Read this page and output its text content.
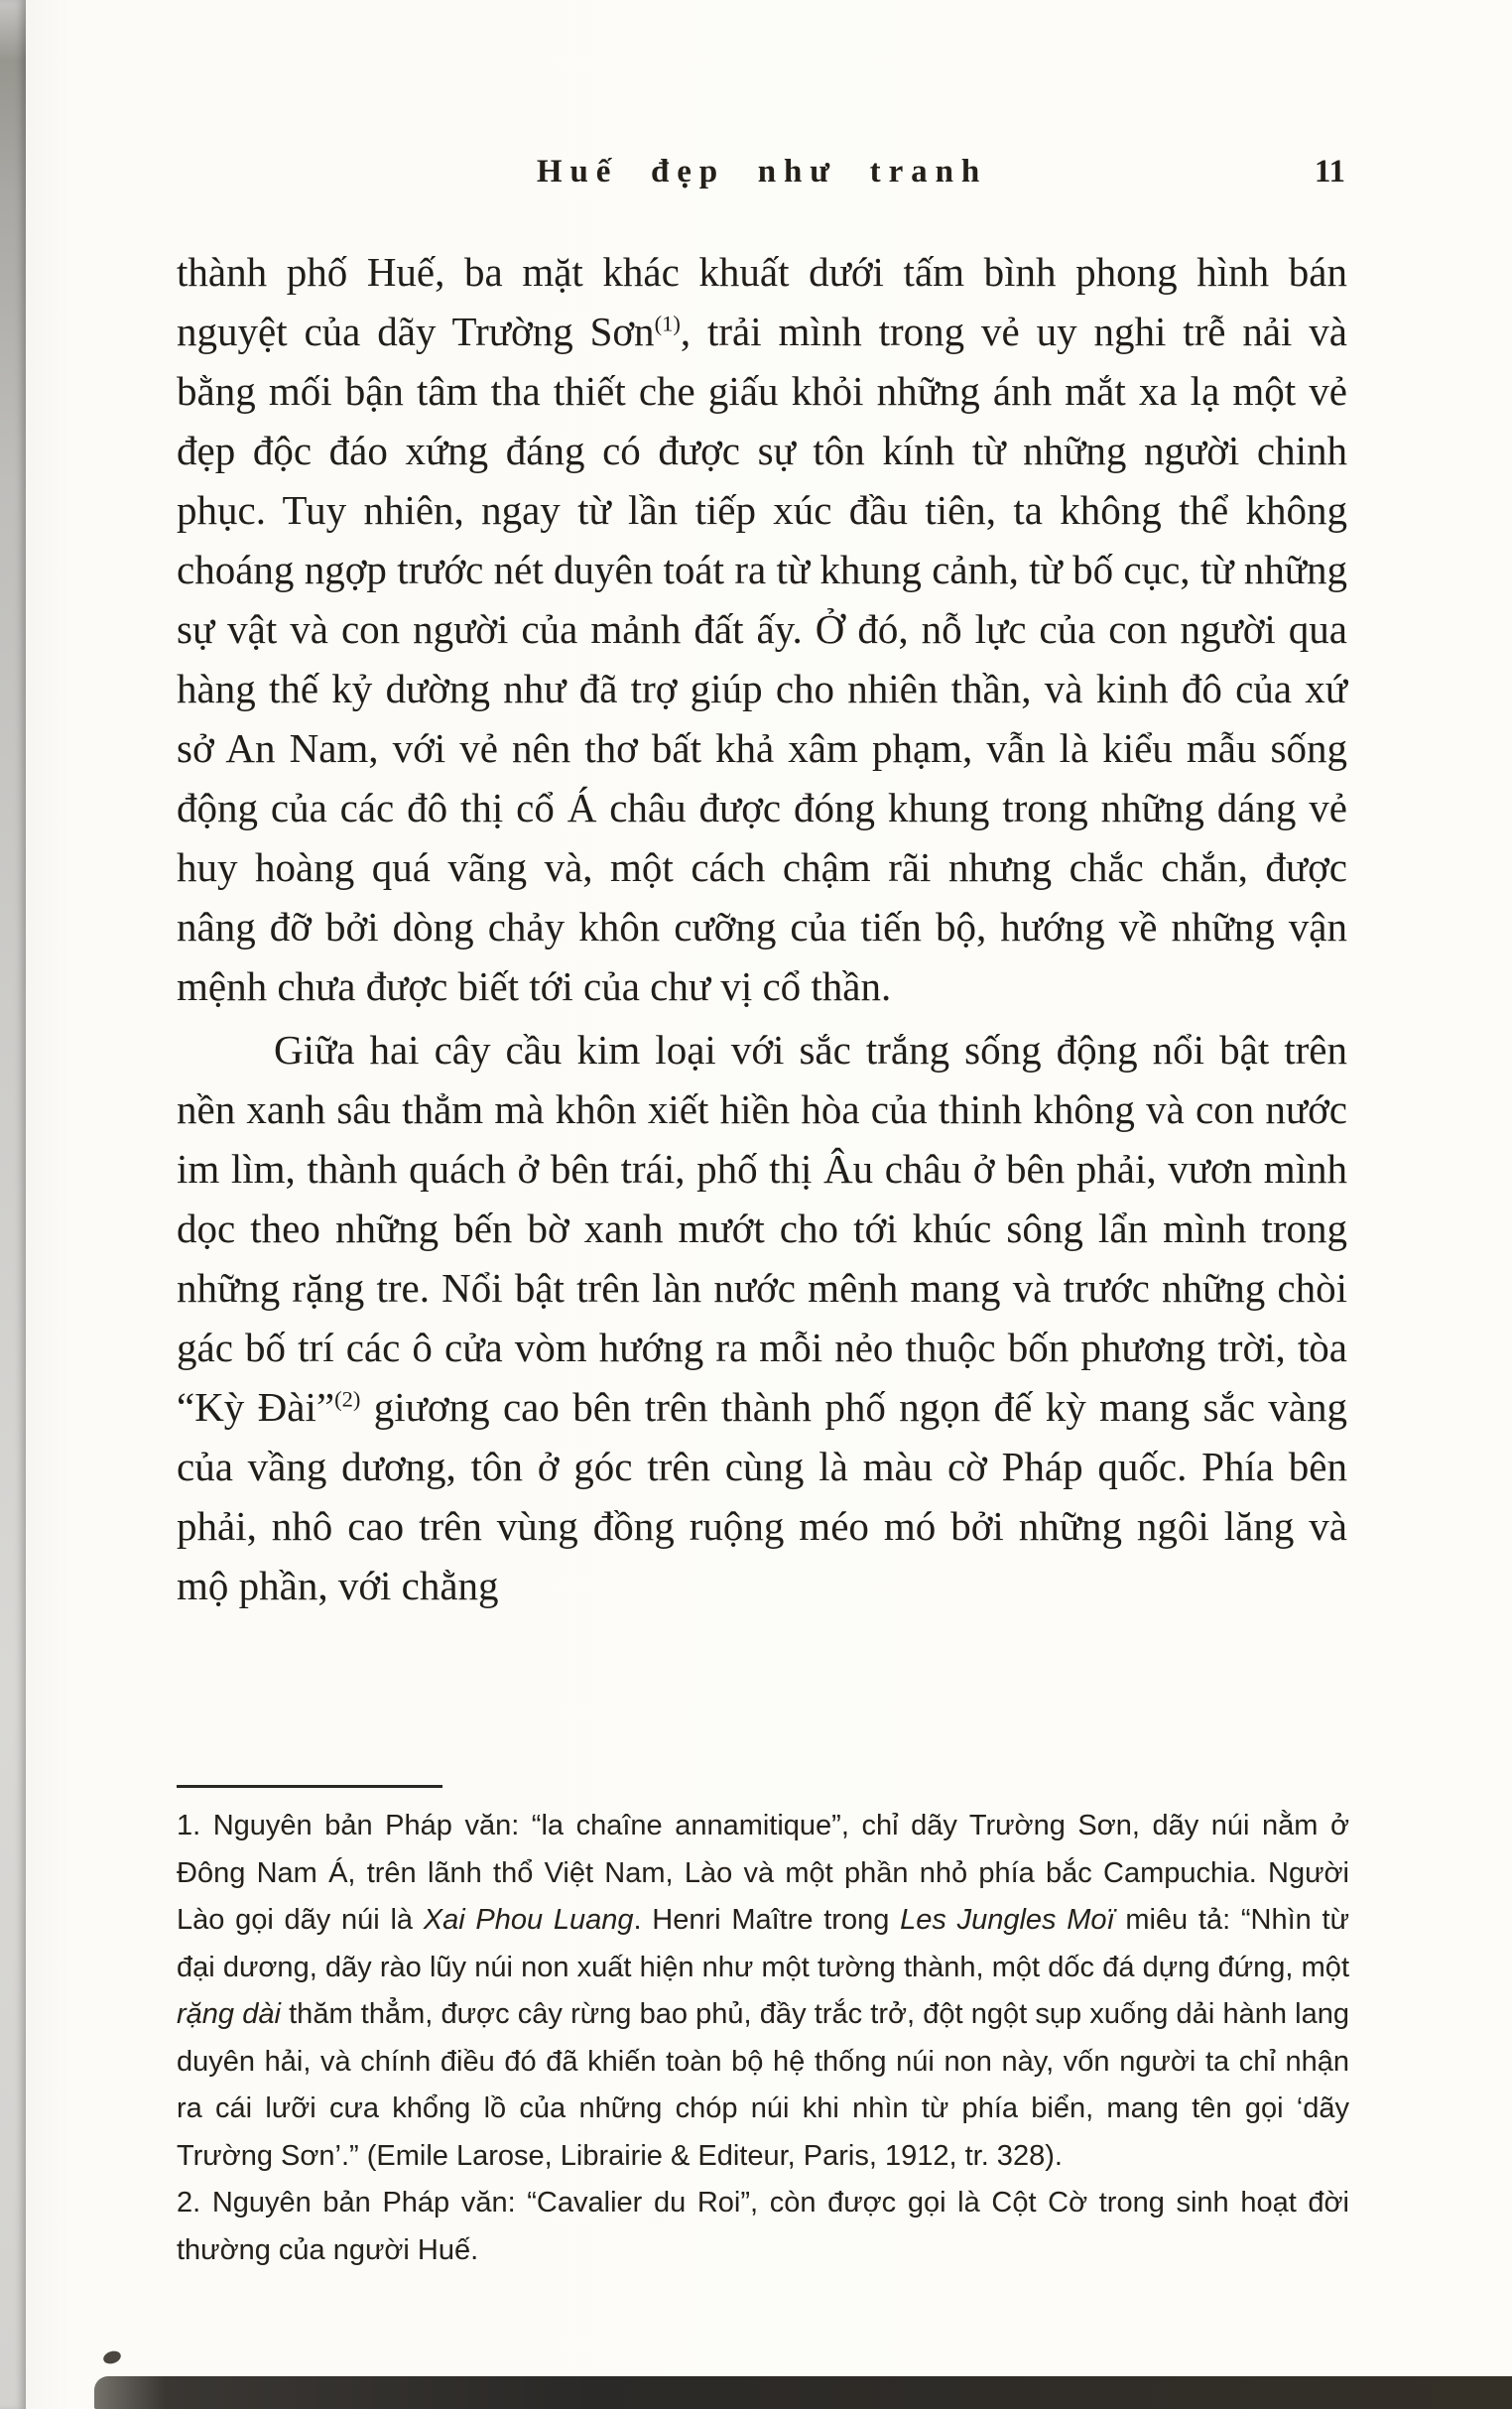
Huế đẹp như tranh	11

thành phố Huế, ba mặt khác khuất dưới tấm bình phong hình bán nguyệt của dãy Trường Sơn$^{(1)}$, trải mình trong vẻ uy nghi trễ nải và bằng mối bận tâm tha thiết che giấu khỏi những ánh mắt xa lạ một vẻ đẹp độc đáo xứng đáng có được sự tôn kính từ những người chinh phục. Tuy nhiên, ngay từ lần tiếp xúc đầu tiên, ta không thể không choáng ngợp trước nét duyên toát ra từ khung cảnh, từ bố cục, từ những sự vật và con người của mảnh đất ấy. Ở đó, nỗ lực của con người qua hàng thế kỷ dường như đã trợ giúp cho nhiên thần, và kinh đô của xứ sở An Nam, với vẻ nên thơ bất khả xâm phạm, vẫn là kiểu mẫu sống động của các đô thị cổ Á châu được đóng khung trong những dáng vẻ huy hoàng quá vãng và, một cách chậm rãi nhưng chắc chắn, được nâng đỡ bởi dòng chảy khôn cưỡng của tiến bộ, hướng về những vận mệnh chưa được biết tới của chư vị cổ thần.

Giữa hai cây cầu kim loại với sắc trắng sống động nổi bật trên nền xanh sâu thẳm mà khôn xiết hiền hòa của thinh không và con nước im lìm, thành quách ở bên trái, phố thị Âu châu ở bên phải, vươn mình dọc theo những bến bờ xanh mướt cho tới khúc sông lẩn mình trong những rặng tre. Nổi bật trên làn nước mênh mang và trước những chòi gác bố trí các ô cửa vòm hướng ra mỗi nẻo thuộc bốn phương trời, tòa “Kỳ Đài”$^{(2)}$ giương cao bên trên thành phố ngọn đế kỳ mang sắc vàng của vầng dương, tôn ở góc trên cùng là màu cờ Pháp quốc. Phía bên phải, nhô cao trên vùng đồng ruộng méo mó bởi những ngôi lăng và mộ phần, với chằng

1. Nguyên bản Pháp văn: “la chaîne annamitique”, chỉ dãy Trường Sơn, dãy núi nằm ở Đông Nam Á, trên lãnh thổ Việt Nam, Lào và một phần nhỏ phía bắc Campuchia. Người Lào gọi dãy núi là Xai Phou Luang. Henri Maître trong Les Jungles Moï miêu tả: “Nhìn từ đại dương, dãy rào lũy núi non xuất hiện như một tường thành, một dốc đá dựng đứng, một rặng dài thăm thẳm, được cây rừng bao phủ, đầy trắc trở, đột ngột sụp xuống dải hành lang duyên hải, và chính điều đó đã khiến toàn bộ hệ thống núi non này, vốn người ta chỉ nhận ra cái lưỡi cưa khổng lồ của những chóp núi khi nhìn từ phía biển, mang tên gọi ‘dãy Trường Sơn’.” (Emile Larose, Librairie & Editeur, Paris, 1912, tr. 328).

2. Nguyên bản Pháp văn: “Cavalier du Roi”, còn được gọi là Cột Cờ trong sinh hoạt đời thường của người Huế.
